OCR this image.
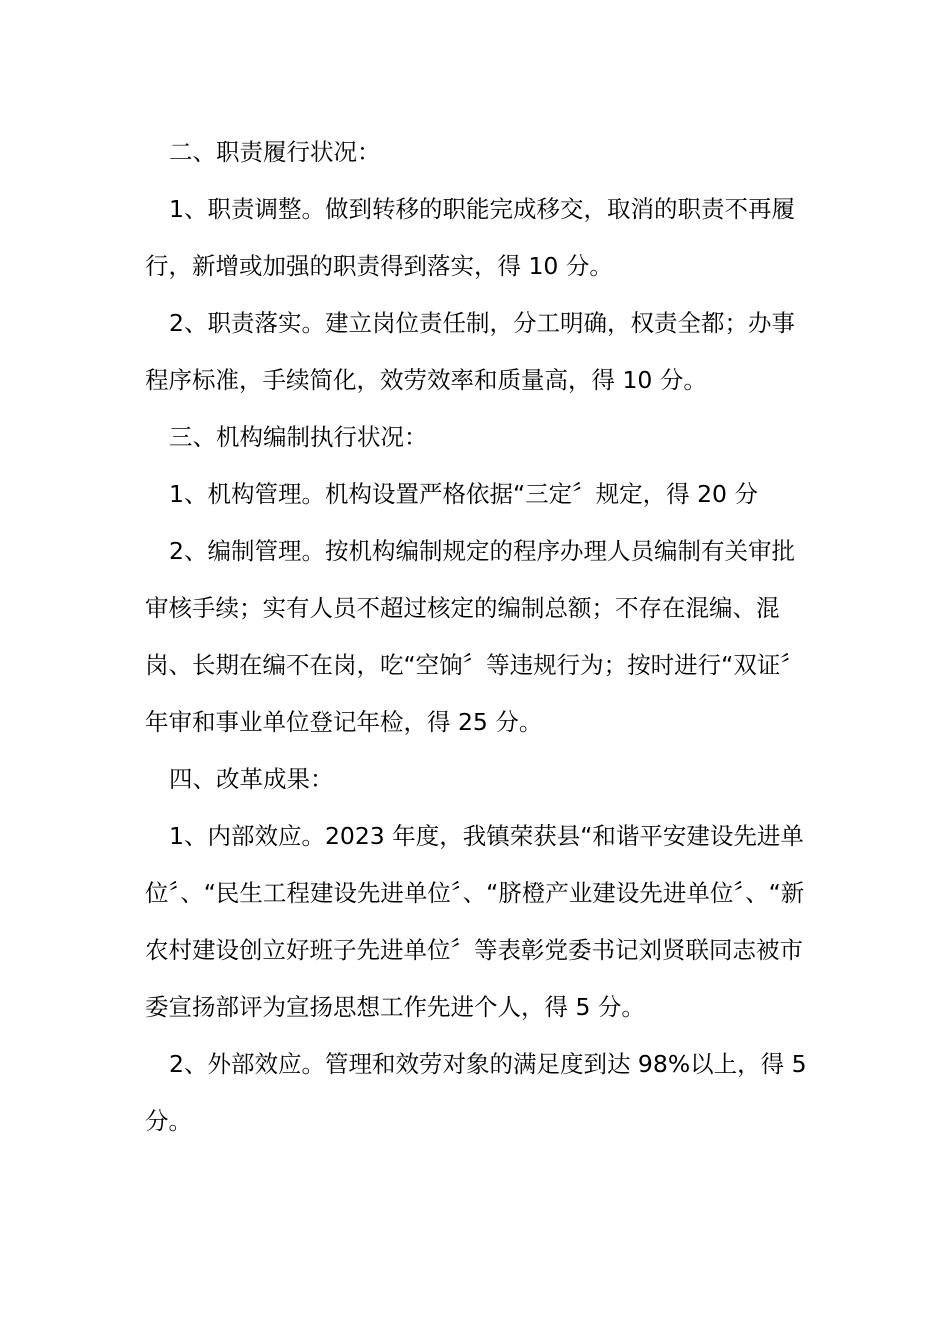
二、职责履行状况：

1、职责调整。做到转移的职能完成移交，取消的职责不再履行，新增或加强的职责得到落实，得 10 分。

2、职责落实。建立岗位责任制，分工明确，权责全都；办事程序标准，手续简化，效劳效率和质量高，得 10 分。

三、机构编制执行状况：

1、机构管理。机构设置严格依据“三定〞规定，得 20 分

2、编制管理。按机构编制规定的程序办理人员编制有关审批审核手续；实有人员不超过核定的编制总额；不存在混编、混岗、长期在编不在岗，吃“空饷〞等违规行为；按时进行“双证〞年审和事业单位登记年检，得 25 分。

四、改革成果：

1、内部效应。2023 年度，我镇荣获县“和谐平安建设先进单位〞、“民生工程建设先进单位〞、“脐橙产业建设先进单位〞、“新农村建设创立好班子先进单位〞等表彰党委书记刘贤联同志被市委宣扬部评为宣扬思想工作先进个人，得 5 分。

2、外部效应。管理和效劳对象的满足度到达 98%以上，得 5 分。
